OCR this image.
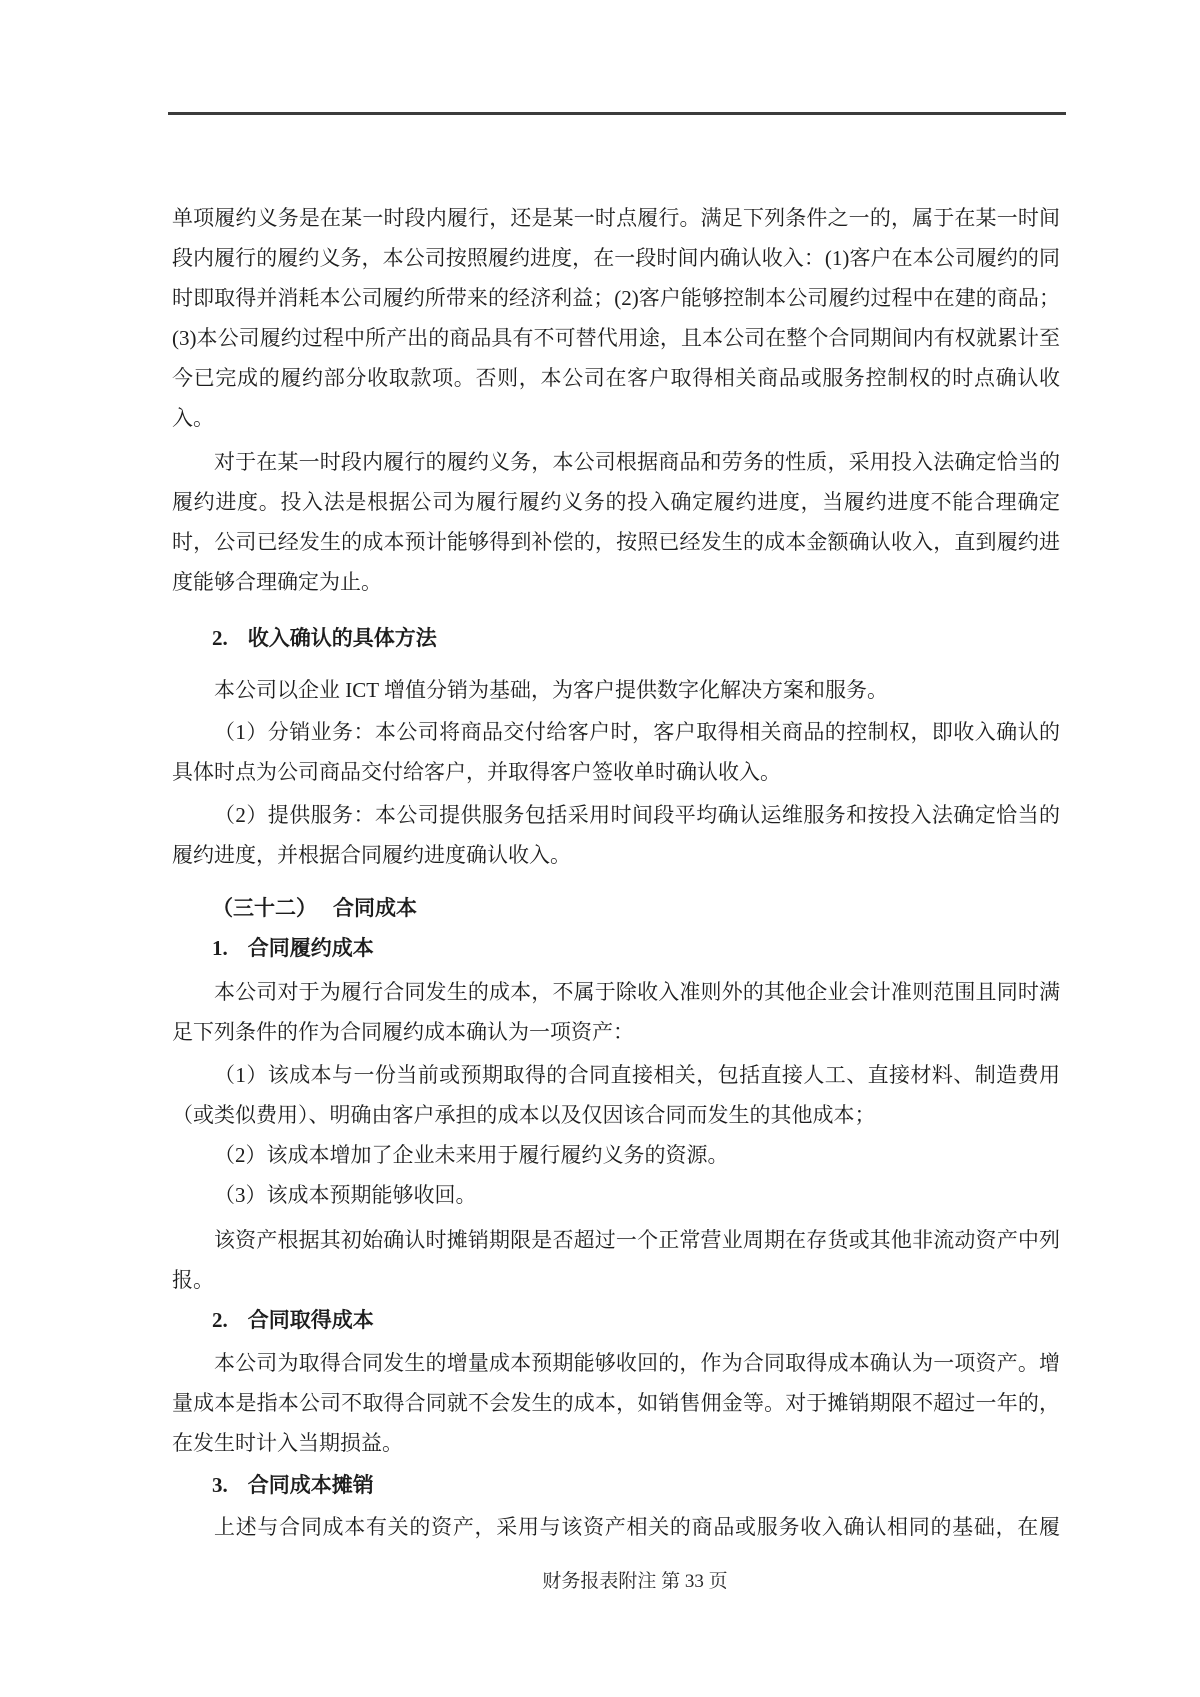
单项履约义务是在某一时段内履行，还是某一时点履行。满足下列条件之一的，属于在某一时间段内履行的履约义务，本公司按照履约进度，在一段时间内确认收入：(1)客户在本公司履约的同时即取得并消耗本公司履约所带来的经济利益；(2)客户能够控制本公司履约过程中在建的商品；(3)本公司履约过程中所产出的商品具有不可替代用途，且本公司在整个合同期间内有权就累计至今已完成的履约部分收取款项。否则，本公司在客户取得相关商品或服务控制权的时点确认收入。

对于在某一时段内履行的履约义务，本公司根据商品和劳务的性质，采用投入法确定恰当的履约进度。投入法是根据公司为履行履约义务的投入确定履约进度，当履约进度不能合理确定时，公司已经发生的成本预计能够得到补偿的，按照已经发生的成本金额确认收入，直到履约进度能够合理确定为止。

2. 收入确认的具体方法

本公司以企业 ICT 增值分销为基础，为客户提供数字化解决方案和服务。

（1）分销业务：本公司将商品交付给客户时，客户取得相关商品的控制权，即收入确认的具体时点为公司商品交付给客户，并取得客户签收单时确认收入。

（2）提供服务：本公司提供服务包括采用时间段平均确认运维服务和按投入法确定恰当的履约进度，并根据合同履约进度确认收入。

（三十二） 合同成本
1. 合同履约成本

本公司对于为履行合同发生的成本，不属于除收入准则外的其他企业会计准则范围且同时满足下列条件的作为合同履约成本确认为一项资产：

（1）该成本与一份当前或预期取得的合同直接相关，包括直接人工、直接材料、制造费用（或类似费用）、明确由客户承担的成本以及仅因该合同而发生的其他成本；

（2）该成本增加了企业未来用于履行履约义务的资源。

（3）该成本预期能够收回。

该资产根据其初始确认时摊销期限是否超过一个正常营业周期在存货或其他非流动资产中列报。

2. 合同取得成本

本公司为取得合同发生的增量成本预期能够收回的，作为合同取得成本确认为一项资产。增量成本是指本公司不取得合同就不会发生的成本，如销售佣金等。对于摊销期限不超过一年的，在发生时计入当期损益。

3. 合同成本摊销

上述与合同成本有关的资产，采用与该资产相关的商品或服务收入确认相同的基础，在履

财务报表附注 第 33 页
